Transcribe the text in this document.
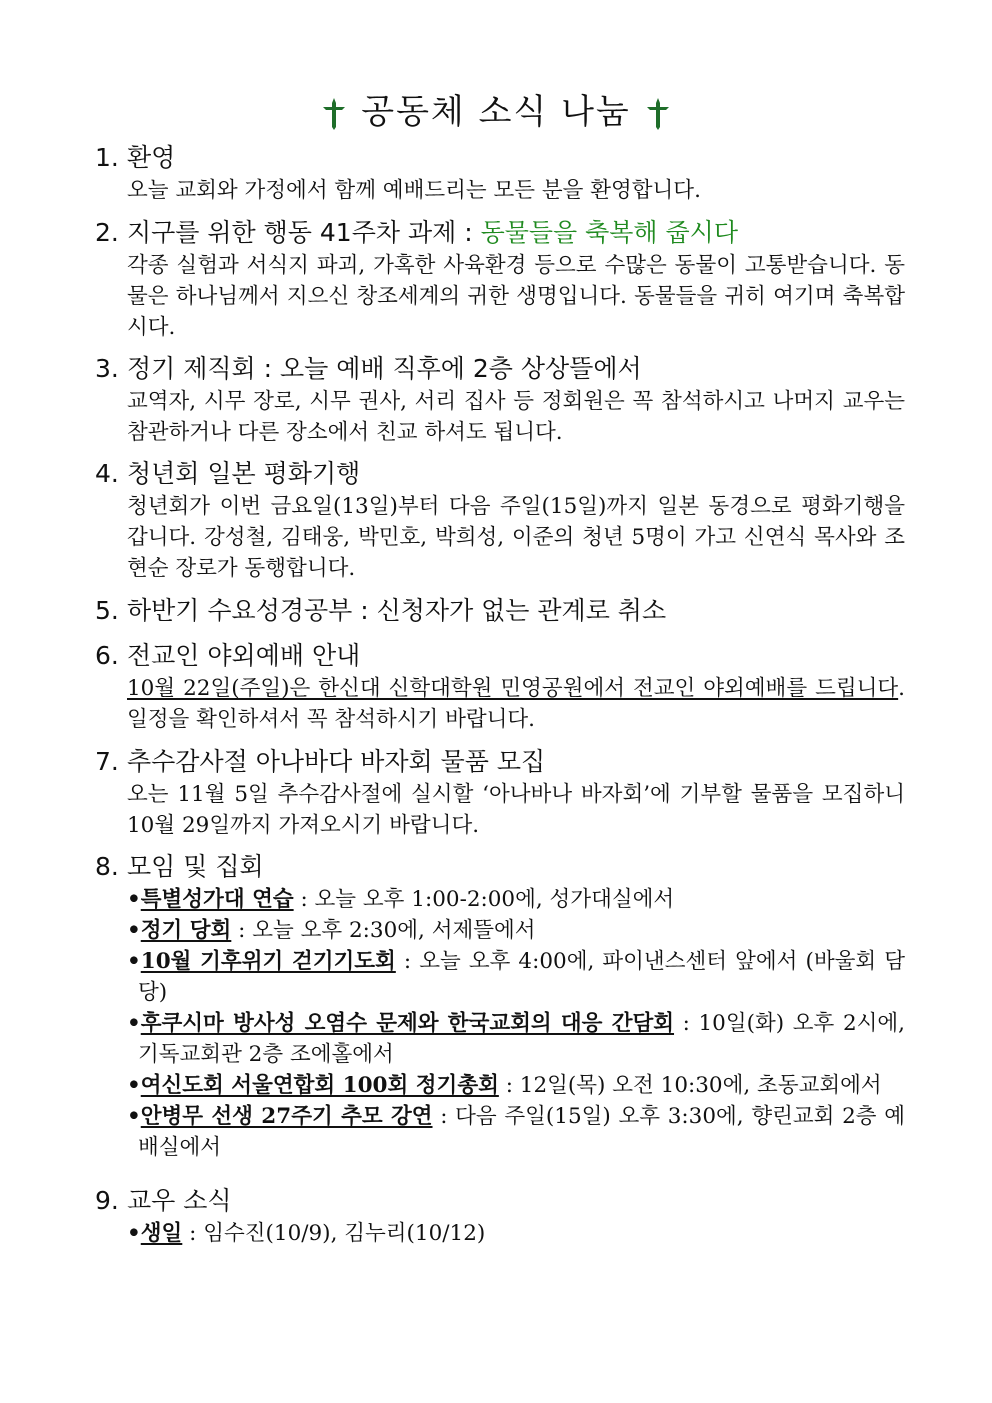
공동체 소식 나눔
1. 환영

오늘 교회와 가정에서 함께 예배드리는 모든 분을 환영합니다.

2. 지구를 위한 행동 41주차 과제 : 동물들을 축복해 줍시다

각종 실험과 서식지 파괴, 가혹한 사육환경 등으로 수많은 동물이 고통받습니다. 동물은 하나님께서 지으신 창조세계의 귀한 생명입니다. 동물들을 귀히 여기며 축복합시다.

3. 정기 제직회 : 오늘 예배 직후에 2층 상상뜰에서

교역자, 시무 장로, 시무 권사, 서리 집사 등 정회원은 꼭 참석하시고 나머지 교우는 참관하거나 다른 장소에서 친교 하셔도 됩니다.

4. 청년회 일본 평화기행

청년회가 이번 금요일(13일)부터 다음 주일(15일)까지 일본 동경으로 평화기행을 갑니다. 강성철, 김태웅, 박민호, 박희성, 이준의 청년 5명이 가고 신연식 목사와 조현순 장로가 동행합니다.

5. 하반기 수요성경공부 : 신청자가 없는 관계로 취소
6. 전교인 야외예배 안내

10월 22일(주일)은 한신대 신학대학원 민영공원에서 전교인 야외예배를 드립니다. 일정을 확인하셔서 꼭 참석하시기 바랍니다.

7. 추수감사절 아나바다 바자회 물품 모집

오는 11월 5일 추수감사절에 실시할 ‘아나바나 바자회’에 기부할 물품을 모집하니 10월 29일까지 가져오시기 바랍니다.

8. 모임 및 집회

•특별성가대 연습 : 오늘 오후 1:00-2:00에, 성가대실에서

•정기 당회 : 오늘 오후 2:30에, 서제뜰에서

•10월 기후위기 걷기기도회 : 오늘 오후 4:00에, 파이낸스센터 앞에서 (바울회 담당)

•후쿠시마 방사성 오염수 문제와 한국교회의 대응 간담회 : 10일(화) 오후 2시에, 기독교회관 2층 조에홀에서

•여신도회 서울연합회 100회 정기총회 : 12일(목) 오전 10:30에, 초동교회에서

•안병무 선생 27주기 추모 강연 : 다음 주일(15일) 오후 3:30에, 향린교회 2층 예배실에서

9. 교우 소식

•생일 : 임수진(10/9), 김누리(10/12)
